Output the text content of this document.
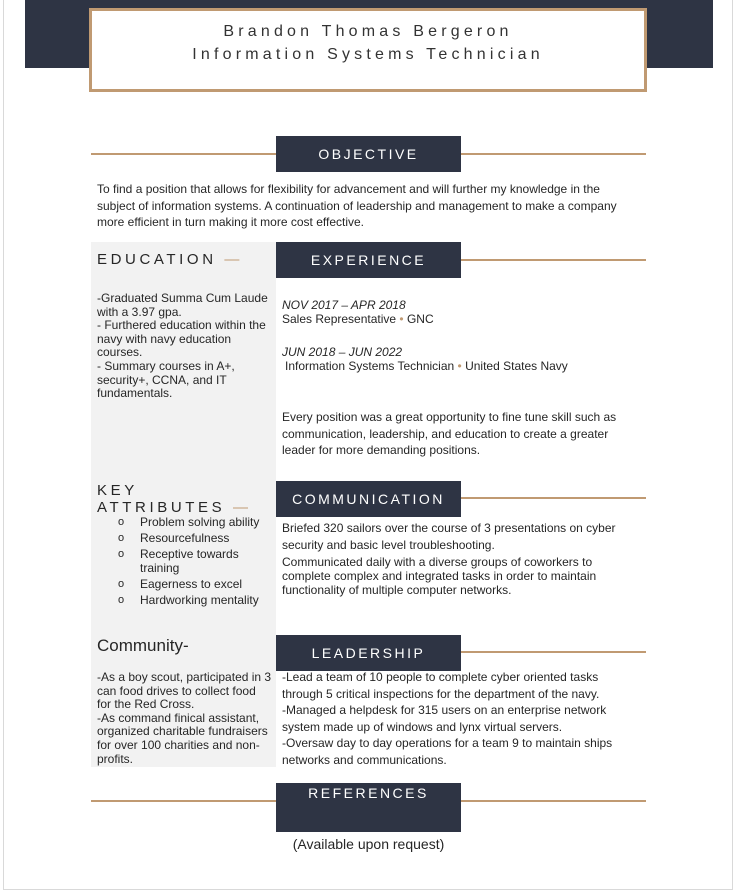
Brandon Thomas Bergeron
Information Systems Technician
OBJECTIVE

To find a position that allows for flexibility for advancement and will further my knowledge in the subject of information systems. A continuation of leadership and management to make a company more efficient in turn making it more cost effective.

EDUCATION —
-Graduated Summa Cum Laude with a 3.97 gpa.
- Furthered education within the navy with navy education courses.
- Summary courses in A+, security+, CCNA, and IT fundamentals.
EXPERIENCE
NOV 2017 – APR 2018
Sales Representative • GNC
JUN 2018 – JUN 2022
Information Systems Technician • United States Navy

Every position was a great opportunity to fine tune skill such as communication, leadership, and education to create a greater leader for more demanding positions.

KEY
ATTRIBUTES —
o Problem solving ability
o Resourcefulness
o Receptive towards training
o Eagerness to excel
o Hardworking mentality
COMMUNICATION

Briefed 320 sailors over the course of 3 presentations on cyber security and basic level troubleshooting.

Communicated daily with a diverse groups of coworkers to complete complex and integrated tasks in order to maintain functionality of multiple computer networks.

Community-
-As a boy scout, participated in 3 can food drives to collect food for the Red Cross.
-As command finical assistant, organized charitable fundraisers for over 100 charities and non-profits.
LEADERSHIP
-Lead a team of 10 people to complete cyber oriented tasks through 5 critical inspections for the department of the navy.
-Managed a helpdesk for 315 users on an enterprise network system made up of windows and lynx virtual servers.
-Oversaw day to day operations for a team 9 to maintain ships networks and communications.
REFERENCES
(Available upon request)
